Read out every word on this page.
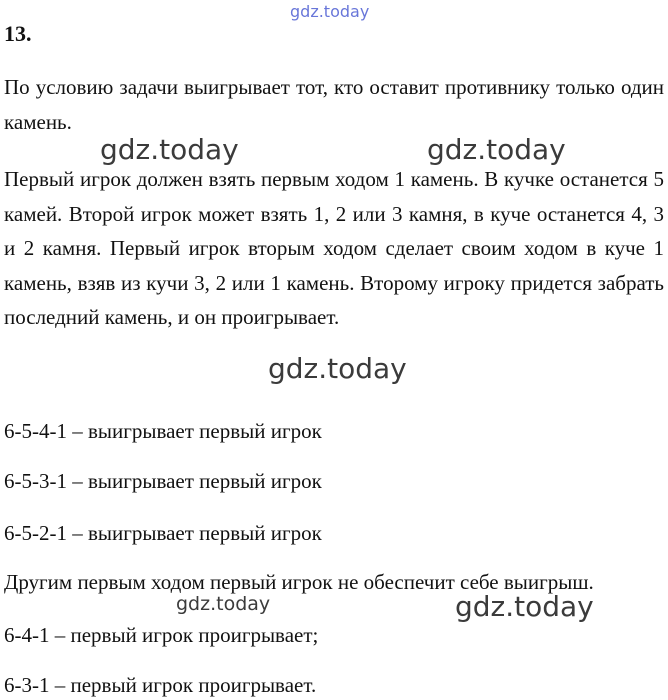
gdz.today
13.

По условию задачи выигрывает тот, кто оставит противнику только один камень.

Первый игрок должен взять первым ходом 1 камень. В кучке останется 5 камей. Второй игрок может взять 1, 2 или 3 камня, в куче останется 4, 3 и 2 камня. Первый игрок вторым ходом сделает своим ходом в куче 1 камень, взяв из кучи 3, 2 или 1 камень. Второму игроку придется забрать последний камень, и он проигрывает.

6-5-4-1 – выигрывает первый игрок
6-5-3-1 – выигрывает первый игрок
6-5-2-1 – выигрывает первый игрок
Другим первым ходом первый игрок не обеспечит себе выигрыш.
6-4-1 – первый игрок проигрывает;
6-3-1 – первый игрок проигрывает.
gdz.today	gdz.today
gdz.today
gdz.today	gdz.today
